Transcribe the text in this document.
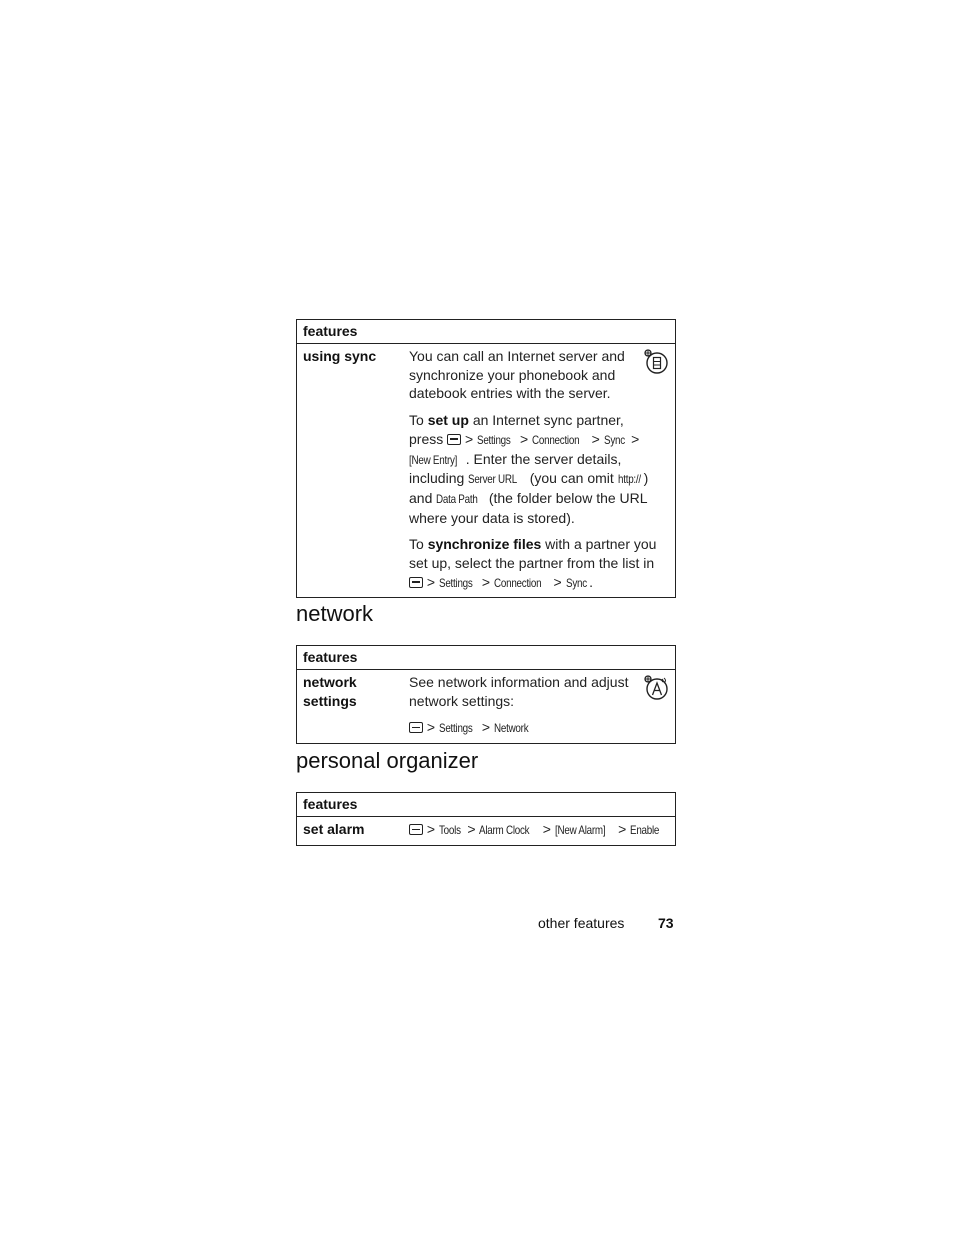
features
using sync	You can call an Internet server and synchronize your phonebook and datebook entries with the server.

To set up an Internet sync partner, press > Settings > Connection > Sync > [New Entry] . Enter the server details, including Server URL (you can omit http:// ) and Data Path (the folder below the URL where your data is stored).

To synchronize files with a partner you set up, select the partner from the list in  > Settings > Connection > Sync .

network
features
network settings

See network information and adjust network settings:

> Settings > Network

personal organizer
features
set alarm	> Tools > Alarm Clock > [New Alarm] > Enable

other features 73
